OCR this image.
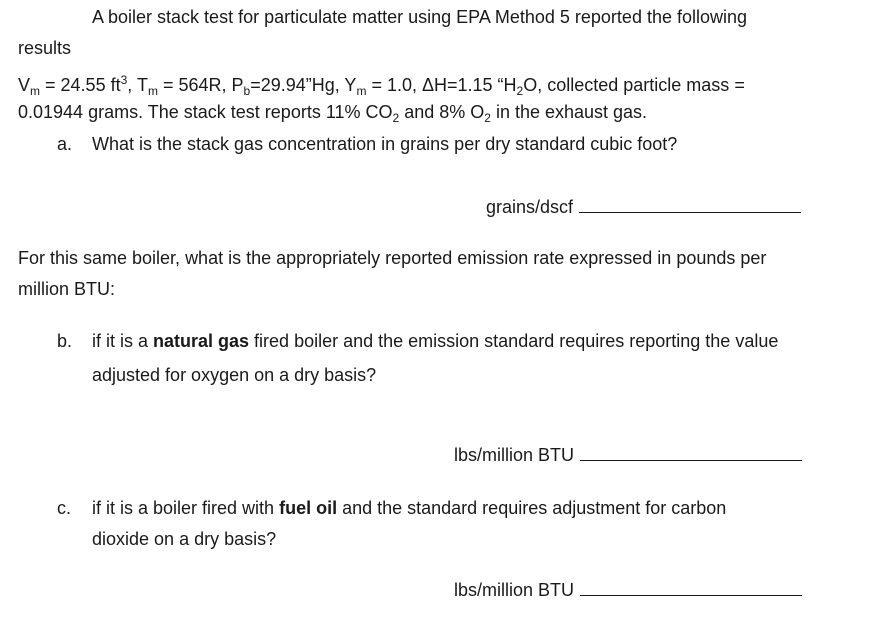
A boiler stack test for particulate matter using EPA Method 5 reported the following
results
$V_m = 24.55$ $ft^3$, $T_m = 564R$, $P_b=29.94”Hg$, $Y_m = 1.0$, ΔH=1.15 “$H_2O$, collected particle mass =
0.01944 grams. The stack test reports 11% $CO_2$ and 8% $O_2$ in the exhaust gas.
a. What is the stack gas concentration in grains per dry standard cubic foot?
grains/dscf
For this same boiler, what is the appropriately reported emission rate expressed in pounds per
million BTU:
b. if it is a natural gas fired boiler and the emission standard requires reporting the value
adjusted for oxygen on a dry basis?
lbs/million BTU
c. if it is a boiler fired with fuel oil and the standard requires adjustment for carbon
dioxide on a dry basis?
lbs/million BTU
